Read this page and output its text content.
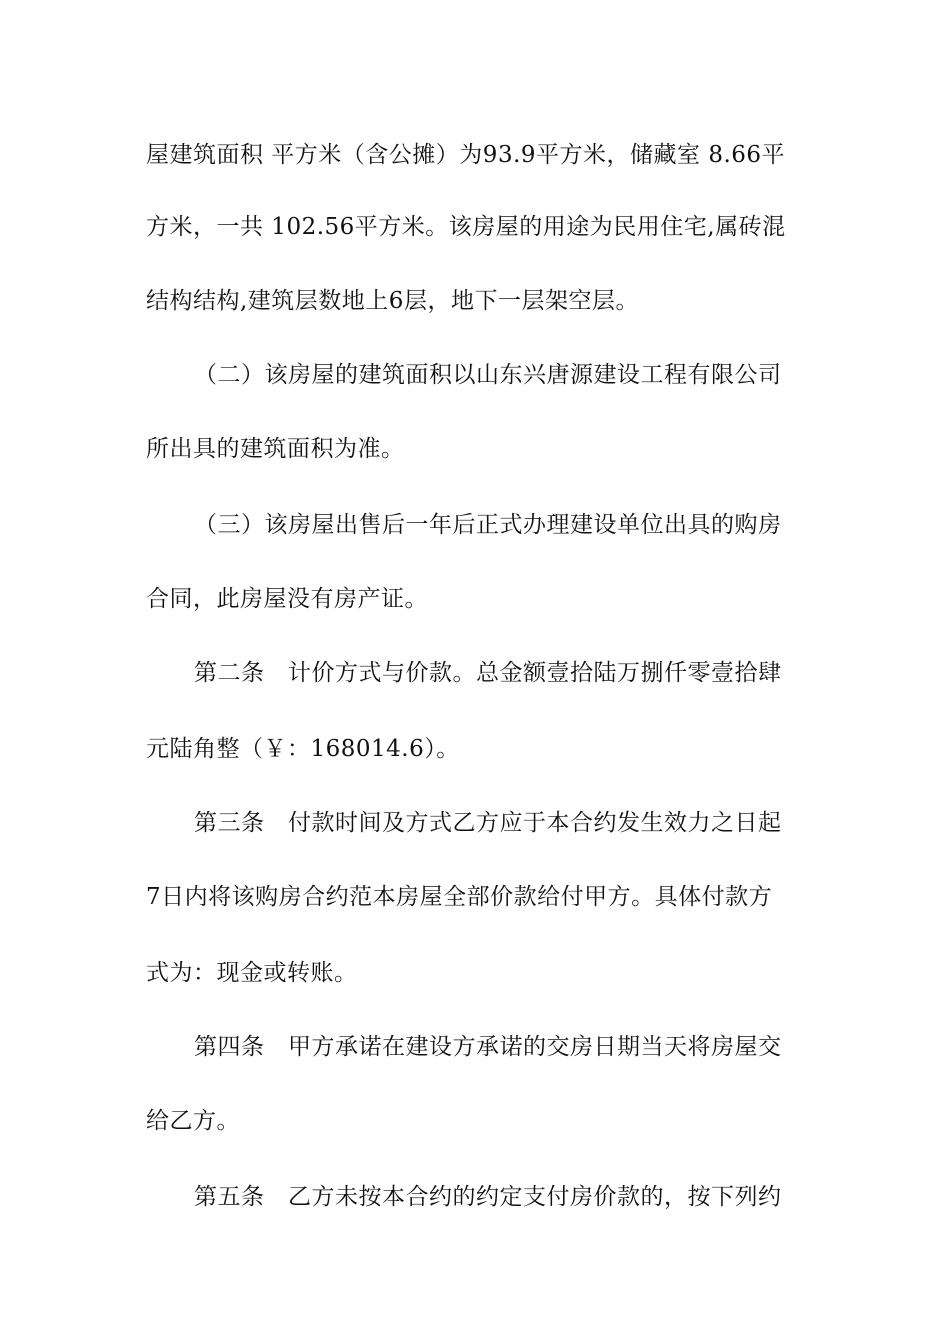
屋建筑面积 平方米（含公摊）为93.9平方米，储藏室 8.66平
方米，一共 102.56平方米。该房屋的用途为民用住宅,属砖混
结构结构,建筑层数地上6层，地下一层架空层。
（二）该房屋的建筑面积以山东兴唐源建设工程有限公司
所出具的建筑面积为准。
（三）该房屋出售后一年后正式办理建设单位出具的购房
合同，此房屋没有房产证。
第二条　计价方式与价款。总金额壹拾陆万捌仟零壹拾肆
元陆角整（￥：168014.6）。
第三条　付款时间及方式乙方应于本合约发生效力之日起
7日内将该购房合约范本房屋全部价款给付甲方。具体付款方
式为：现金或转账。
第四条　甲方承诺在建设方承诺的交房日期当天将房屋交
给乙方。
第五条　乙方未按本合约的约定支付房价款的，按下列约
